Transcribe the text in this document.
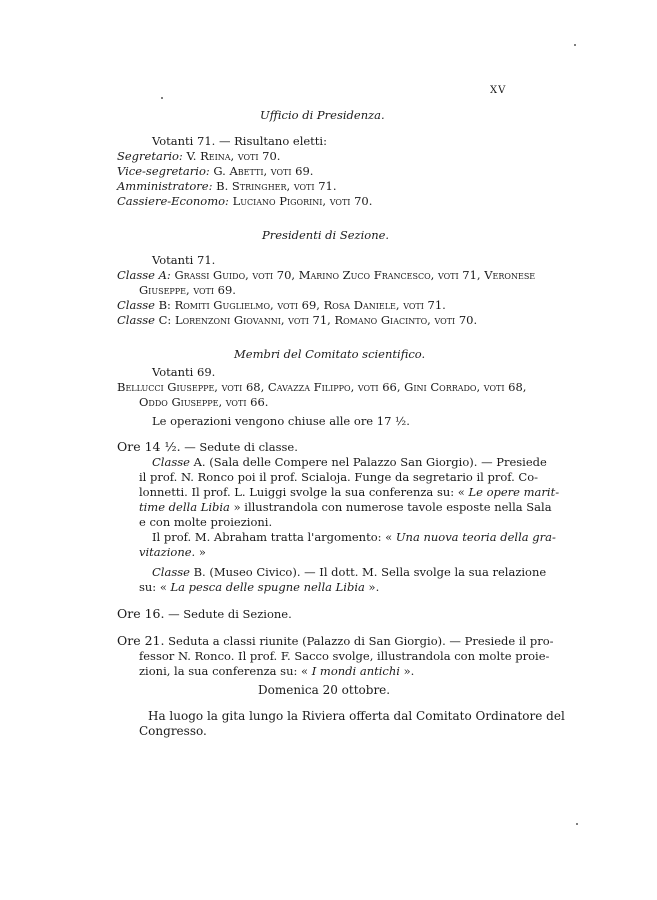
XV
Ufficio di Presidenza.
Votanti 71. — Risultano eletti:
Segretario: V. Reina, voti 70.
Vice-segretario: G. Abetti, voti 69.
Amministratore: B. Stringher, voti 71.
Cassiere-Economo: Luciano Pigorini, voti 70.
Presidenti di Sezione.
Votanti 71.
Classe A: Grassi Guido, voti 70, Marino Zuco Francesco, voti 71, Veronese
Giuseppe, voti 69.
Classe B: Romiti Guglielmo, voti 69, Rosa Daniele, voti 71.
Classe C: Lorenzoni Giovanni, voti 71, Romano Giacinto, voti 70.
Membri del Comitato scientifico.
Votanti 69.
Bellucci Giuseppe, voti 68, Cavazza Filippo, voti 66, Gini Corrado, voti 68,
Oddo Giuseppe, voti 66.
Le operazioni vengono chiuse alle ore 17 ½.
Ore 14 ½. — Sedute di classe.
Classe A. (Sala delle Compere nel Palazzo San Giorgio). — Presiede
il prof. N. Ronco poi il prof. Scialoja. Funge da segretario il prof. Co-
lonnetti. Il prof. L. Luiggi svolge la sua conferenza su: « Le opere marit-
time della Libia » illustrandola con numerose tavole esposte nella Sala
e con molte proiezioni.
Il prof. M. Abraham tratta l'argomento: « Una nuova teoria della gra-
vitazione. »
Classe B. (Museo Civico). — Il dott. M. Sella svolge la sua relazione
su: « La pesca delle spugne nella Libia ».
Ore 16. — Sedute di Sezione.
Ore 21. Seduta a classi riunite (Palazzo di San Giorgio). — Presiede il pro-
fessor N. Ronco. Il prof. F. Sacco svolge, illustrandola con molte proie-
zioni, la sua conferenza su: « I mondi antichi ».
Domenica 20 ottobre.
Ha luogo la gita lungo la Riviera offerta dal Comitato Ordinatore del
Congresso.
